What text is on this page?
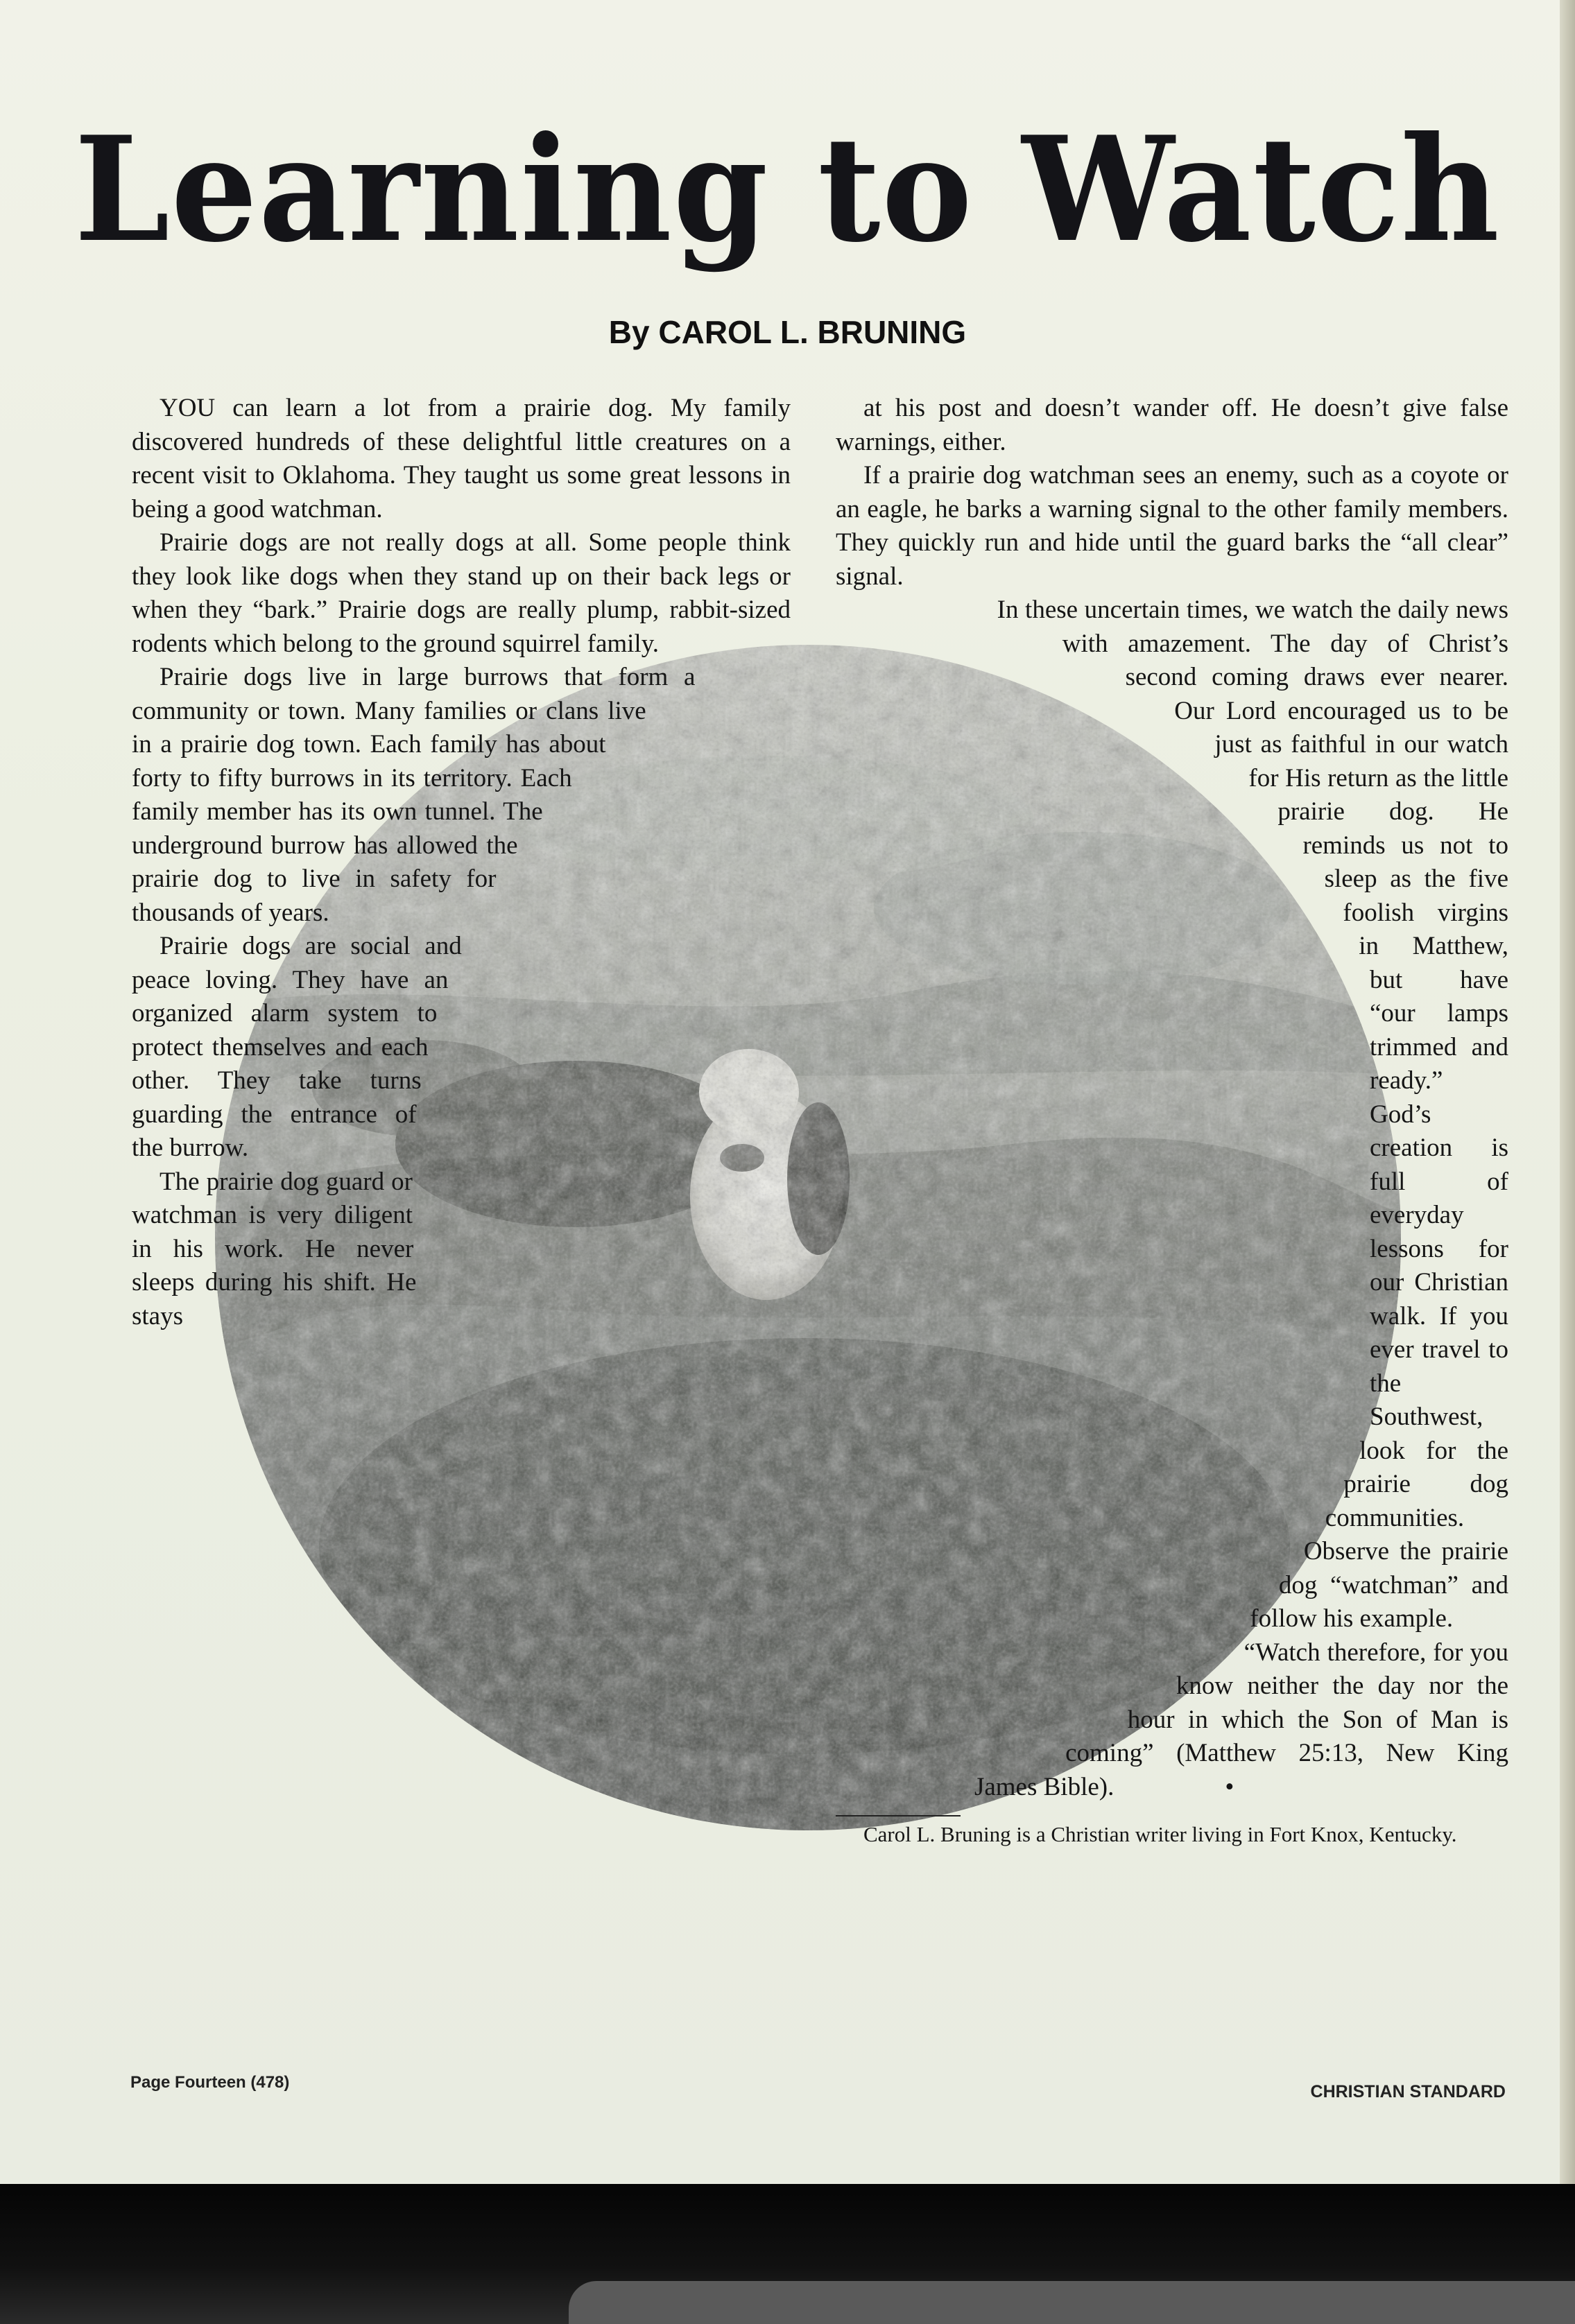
Learning to Watch
By CAROL L. BRUNING

YOU can learn a lot from a prairie dog. My family discovered hundreds of these delightful little creatures on a recent visit to Oklahoma. They taught us some great lessons in being a good watchman.

Prairie dogs are not really dogs at all. Some people think they look like dogs when they stand up on their back legs or when they “bark.” Prairie dogs are really plump, rabbit-sized rodents which belong to the ground squirrel family.

Prairie dogs live in large burrows that form a community or town. Many families or clans live in a prairie dog town. Each family has about forty to fifty burrows in its territory. Each family member has its own tunnel. The underground burrow has allowed the prairie dog to live in safety for thousands of years.

Prairie dogs are social and peace loving. They have an organized alarm system to protect themselves and each other. They take turns guarding the entrance of the burrow.

The prairie dog guard or watchman is very diligent in his work. He never sleeps during his shift. He stays

at his post and doesn’t wander off. He doesn’t give false warnings, either.

If a prairie dog watchman sees an enemy, such as a coyote or an eagle, he barks a warning signal to the other family members. They quickly run and hide until the guard barks the “all clear” signal.

In these uncertain times, we watch the daily news with amazement. The day of Christ’s second coming draws ever nearer. Our Lord encouraged us to be just as faithful in our watch for His return as the little prairie dog. He reminds us not to sleep as the five foolish virgins in Matthew, but have “our lamps trimmed and ready.” God’s creation is full of everyday lessons for our Christian walk. If you ever travel to the Southwest, look for the prairie dog communities. Observe the prairie dog “watchman” and follow his example.

“Watch therefore, for you know neither the day nor the hour in which the Son of Man is coming” (Matthew 25:13, New King James Bible).	•

Carol L. Bruning is a Christian writer living in Fort Knox, Kentucky.

Page Fourteen (478)	CHRISTIAN STANDARD
